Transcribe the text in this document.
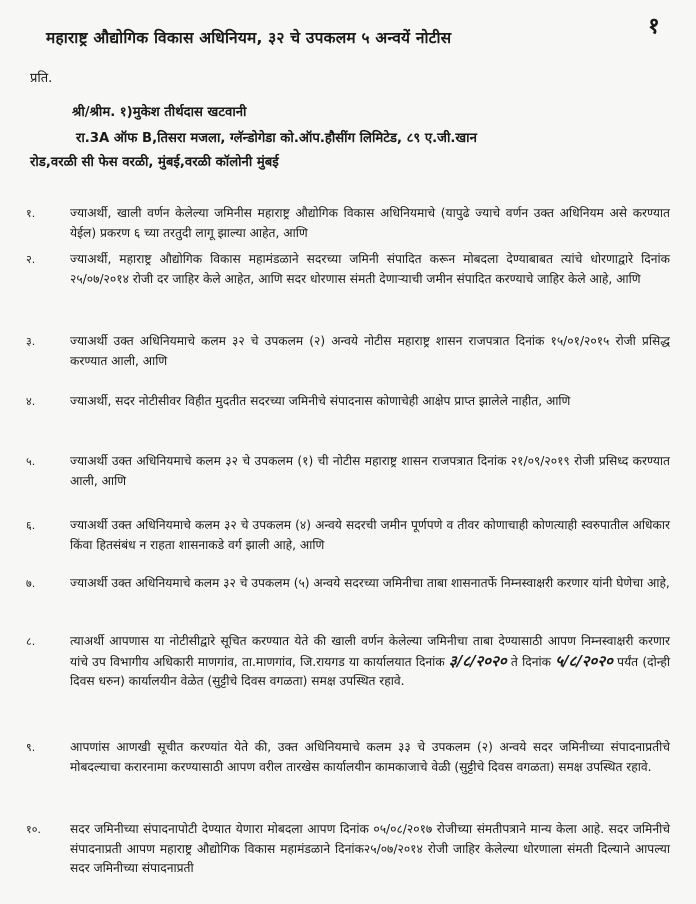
१
महाराष्ट्र औद्योगिक विकास अधिनियम, ३२ चे उपकलम ५ अन्वयें नोटीस
प्रति.
श्री/श्रीम. १)मुकेश तीर्थदास खटवानी
रा.3A ऑफ B,तिसरा मजला, ग्लॅन्डोगेडा को.ऑप.हौसींग लिमिटेड, ८९ ए.जी.खान
रोड,वरळी सी फेस वरळी, मुंबई,वरळी कॉलोनी मुंबई
१.	ज्याअर्थी, खाली वर्णन केलेल्या जमिनीस महाराष्ट्र औद्योगिक विकास अधिनियमाचे (यापुढे ज्याचे वर्णन उक्त अधिनियम असे करण्यात येईल) प्रकरण ६ च्या तरतुदी लागू झाल्या आहेत, आणि
२.	ज्याअर्थी, महाराष्ट्र औद्योगिक विकास महामंडळाने सदरच्या जमिनी संपादित करून मोबदला देण्याबाबत त्यांचे धोरणाद्वारे दिनांक २५/०७/२०१४ रोजी दर जाहिर केले आहेत, आणि सदर धोरणास संमती देणाऱ्याची जमीन संपादित करण्याचे जाहिर केले आहे, आणि
३.	ज्याअर्थी उक्त अधिनियमाचे कलम ३२ चे उपकलम (२) अन्वये नोटीस महाराष्ट्र शासन राजपत्रात दिनांक १५/०१/२०१५ रोजी प्रसिद्ध करण्यात आली, आणि
४.	ज्याअर्थी, सदर नोटीसीवर विहीत मुदतीत सदरच्या जमिनीचे संपादनास कोणाचेही आक्षेप प्राप्त झालेले नाहीत, आणि
५.	ज्याअर्थी उक्त अधिनियमाचे कलम ३२ चे उपकलम (१) ची नोटीस महाराष्ट्र शासन राजपत्रात दिनांक २१/०९/२०१९ रोजी प्रसिध्द करण्यात आली, आणि
६.	ज्याअर्थी उक्त अधिनियमाचे कलम ३२ चे उपकलम (४) अन्वये सदरची जमीन पूर्णपणे व तीवर कोणाचाही कोणत्याही स्वरुपातील अधिकार किंवा हितसंबंध न राहता शासनाकडे वर्ग झाली आहे, आणि
७.	ज्याअर्थी उक्त अधिनियमाचे कलम ३२ चे उपकलम (५) अन्वये सदरच्या जमिनीचा ताबा शासनातर्फे निम्नस्वाक्षरी करणार यांनी घेणेचा आहे,
८.	त्याअर्थी आपणास या नोटीसीद्वारे सूचित करण्यात येते की खाली वर्णन केलेल्या जमिनीचा ताबा देण्यासाठी आपण निम्नस्वाक्षरी करणार यांचे उप विभागीय अधिकारी माणगांव, ता.माणगांव, जि.रायगड या कार्यालयात दिनांक ३/८/२०२० ते दिनांक ५/८/२०२० पर्यंत (दोन्ही दिवस धरुन) कार्यालयीन वेळेत (सुट्टीचे दिवस वगळता) समक्ष उपस्थित रहावे.
९.	आपणांस आणखी सूचीत करण्यांत येते की, उक्त अधिनियमाचे कलम ३३ चे उपकलम (२) अन्वये सदर जमिनीच्या संपादनाप्रतीचे मोबदल्याचा करारनामा करण्यासाठी आपण वरील तारखेस कार्यालयीन कामकाजाचे वेळी (सुट्टीचे दिवस वगळता) समक्ष उपस्थित रहावे.
१०. सदर जमिनीच्या संपादनापोटी देण्यात येणारा मोबदला आपण दिनांक ०५/०८/२०१७ रोजीच्या संमतीपत्राने मान्य केला आहे. सदर जमिनीचे संपादनाप्रती आपण महाराष्ट्र औद्योगिक विकास महामंडळाने दिनांक२५/०७/२०१४ रोजी जाहिर केलेल्या धोरणाला संमती दिल्याने आपल्या सदर जमिनीच्या संपादनाप्रती
